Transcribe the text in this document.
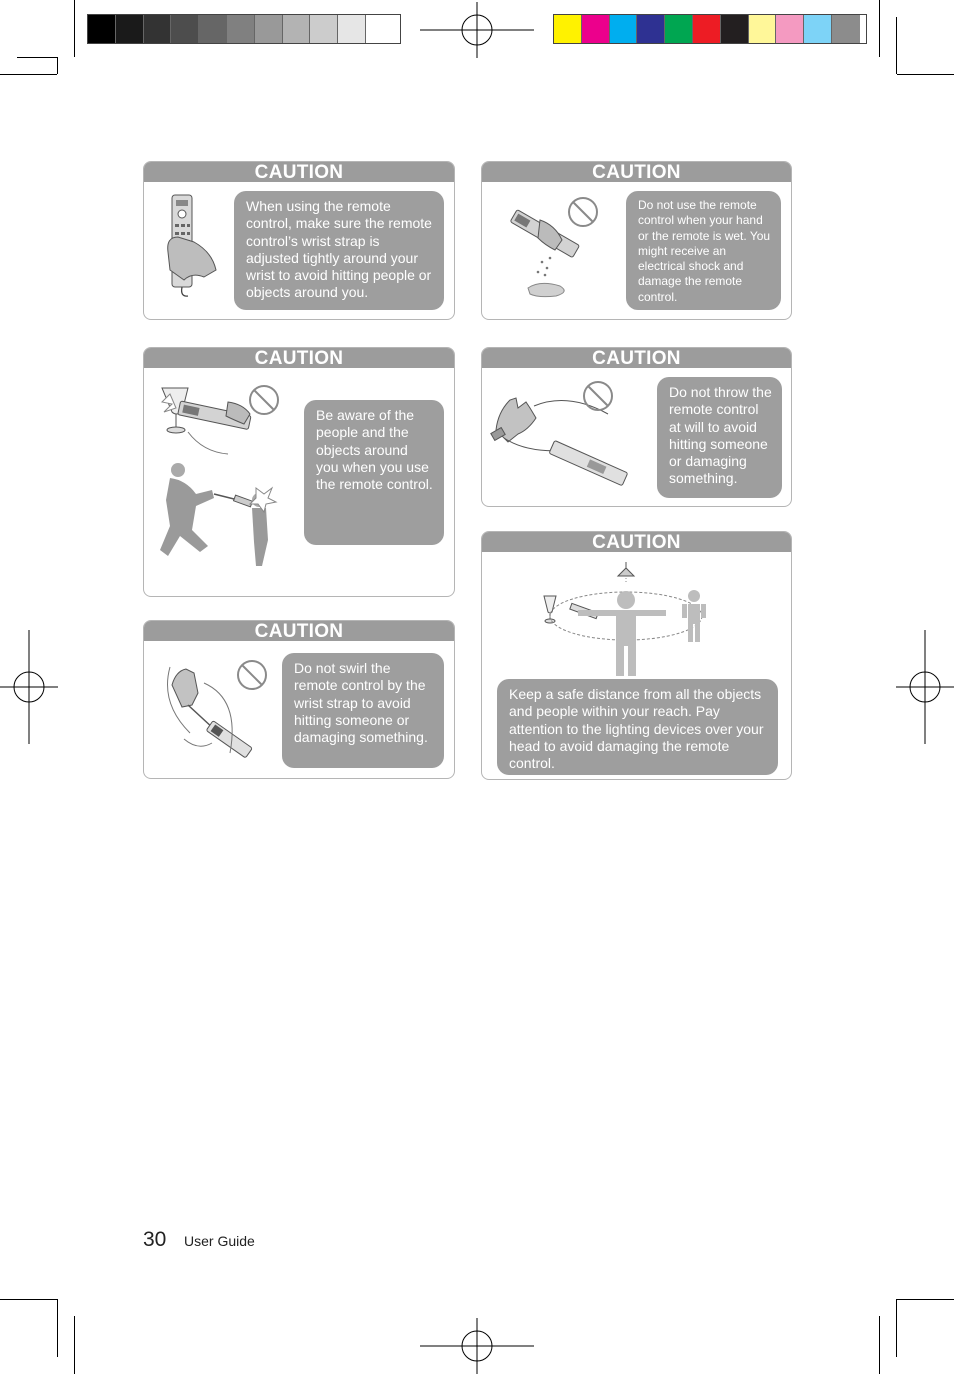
CAUTION
When using the remote control, make sure the remote control’s wrist strap is adjusted tightly around your wrist to avoid hitting people or objects around you.
CAUTION
Do not use the remote control when your hand or the remote is wet. You might receive an electrical shock and damage the remote control.
CAUTION
Be aware of the people and the objects around you when you use the remote control.
CAUTION
Do not throw the remote control at will to avoid hitting someone or damaging something.
CAUTION
Do not swirl the remote control by the wrist strap to avoid hitting someone or damaging something.
CAUTION
Keep a safe distance from all the objects and people within your reach. Pay attention to the lighting devices over your head to avoid damaging the remote control.
30 User Guide
